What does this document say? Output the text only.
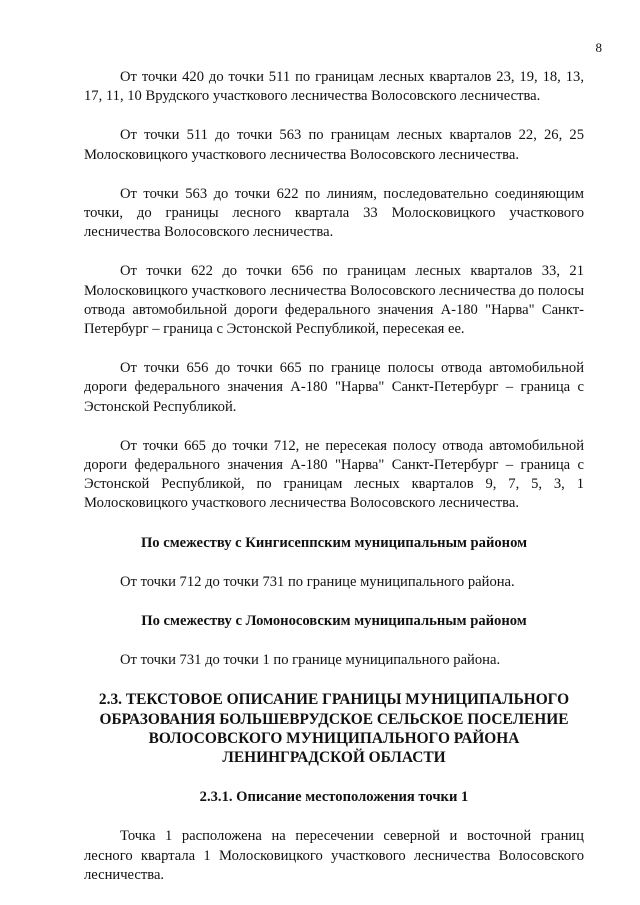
8

От точки 420 до точки 511 по границам лесных кварталов 23, 19, 18, 13, 17, 11, 10 Врудского участкового лесничества Волосовского лесничества.

От точки 511 до точки 563 по границам лесных кварталов 22, 26, 25 Молосковицкого участкового лесничества Волосовского лесничества.

От точки 563 до точки 622 по линиям, последовательно соединяющим точки, до границы лесного квартала 33 Молосковицкого участкового лесничества Волосовского лесничества.

От точки 622 до точки 656 по границам лесных кварталов 33, 21 Молосковицкого участкового лесничества Волосовского лесничества до полосы отвода автомобильной дороги федерального значения А-180 "Нарва" Санкт-Петербург – граница с Эстонской Республикой, пересекая ее.

От точки 656 до точки 665 по границе полосы отвода автомобильной дороги федерального значения А-180 "Нарва" Санкт-Петербург – граница с Эстонской Республикой.

От точки 665 до точки 712, не пересекая полосу отвода автомобильной дороги федерального значения А-180 "Нарва" Санкт-Петербург – граница с Эстонской Республикой, по границам лесных кварталов 9, 7, 5, 3, 1 Молосковицкого участкового лесничества Волосовского лесничества.

По смежеству с Кингисеппским муниципальным районом

От точки 712 до точки 731 по границе муниципального района.

По смежеству с Ломоносовским муниципальным районом

От точки 731 до точки 1 по границе муниципального района.

2.3. ТЕКСТОВОЕ ОПИСАНИЕ ГРАНИЦЫ МУНИЦИПАЛЬНОГО ОБРАЗОВАНИЯ БОЛЬШЕВРУДСКОЕ СЕЛЬСКОЕ ПОСЕЛЕНИЕ ВОЛОСОВСКОГО МУНИЦИПАЛЬНОГО РАЙОНА ЛЕНИНГРАДСКОЙ ОБЛАСТИ
2.3.1. Описание местоположения точки 1

Точка 1 расположена на пересечении северной и восточной границ лесного квартала 1 Молосковицкого участкового лесничества Волосовского лесничества.
